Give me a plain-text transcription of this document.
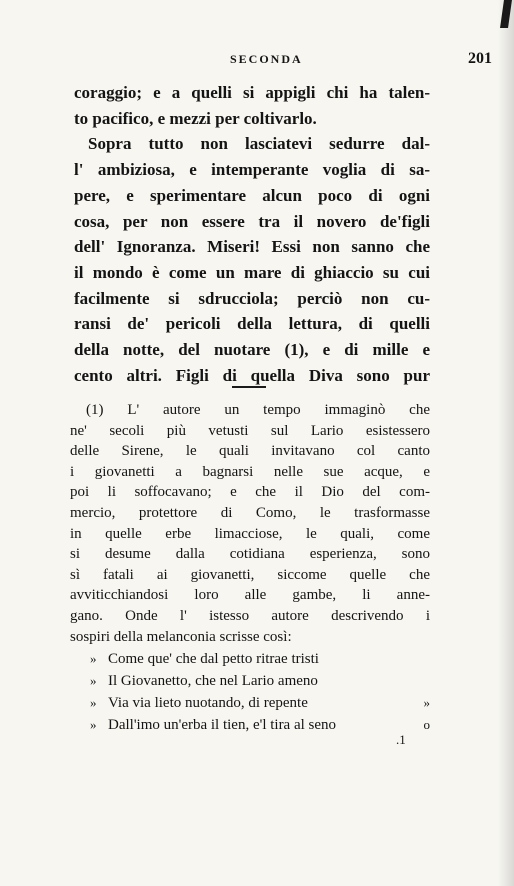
SECONDA	201
coraggio; e a quelli si appigli chi ha talen-
to pacifico, e mezzi per coltivarlo.
Sopra tutto non lasciatevi sedurre dal-
l' ambiziosa, e intemperante voglia di sa-
pere, e sperimentare alcun poco di ogni
cosa, per non essere tra il novero de'figli
dell' Ignoranza. Miseri! Essi non sanno che
il mondo è come un mare di ghiaccio su cui
facilmente si sdrucciola; perciò non cu-
ransi de' pericoli della lettura, di quelli
della notte, del nuotare (1), e di mille e
cento altri. Figli di quella Diva sono pur
(1) L' autore un tempo immaginò che
ne' secoli più vetusti sul Lario esistessero
delle Sirene, le quali invitavano col canto
i giovanetti a bagnarsi nelle sue acque, e
poi li soffocavano; e che il Dio del com-
mercio, protettore di Como, le trasformasse
in quelle erbe limacciose, le quali, come
si desume dalla cotidiana esperienza, sono
sì fatali ai giovanetti, siccome quelle che
avviticchiandosi loro alle gambe, li anne-
gano. Onde l' istesso autore descrivendo i
sospiri della melanconia scrisse così:
» Come que' che dal petto ritrae tristi
» Il Giovanetto, che nel Lario ameno
» Via via lieto nuotando, di repente	»
» Dall'imo un'erba il tien, e'l tira al seno	o
.1
